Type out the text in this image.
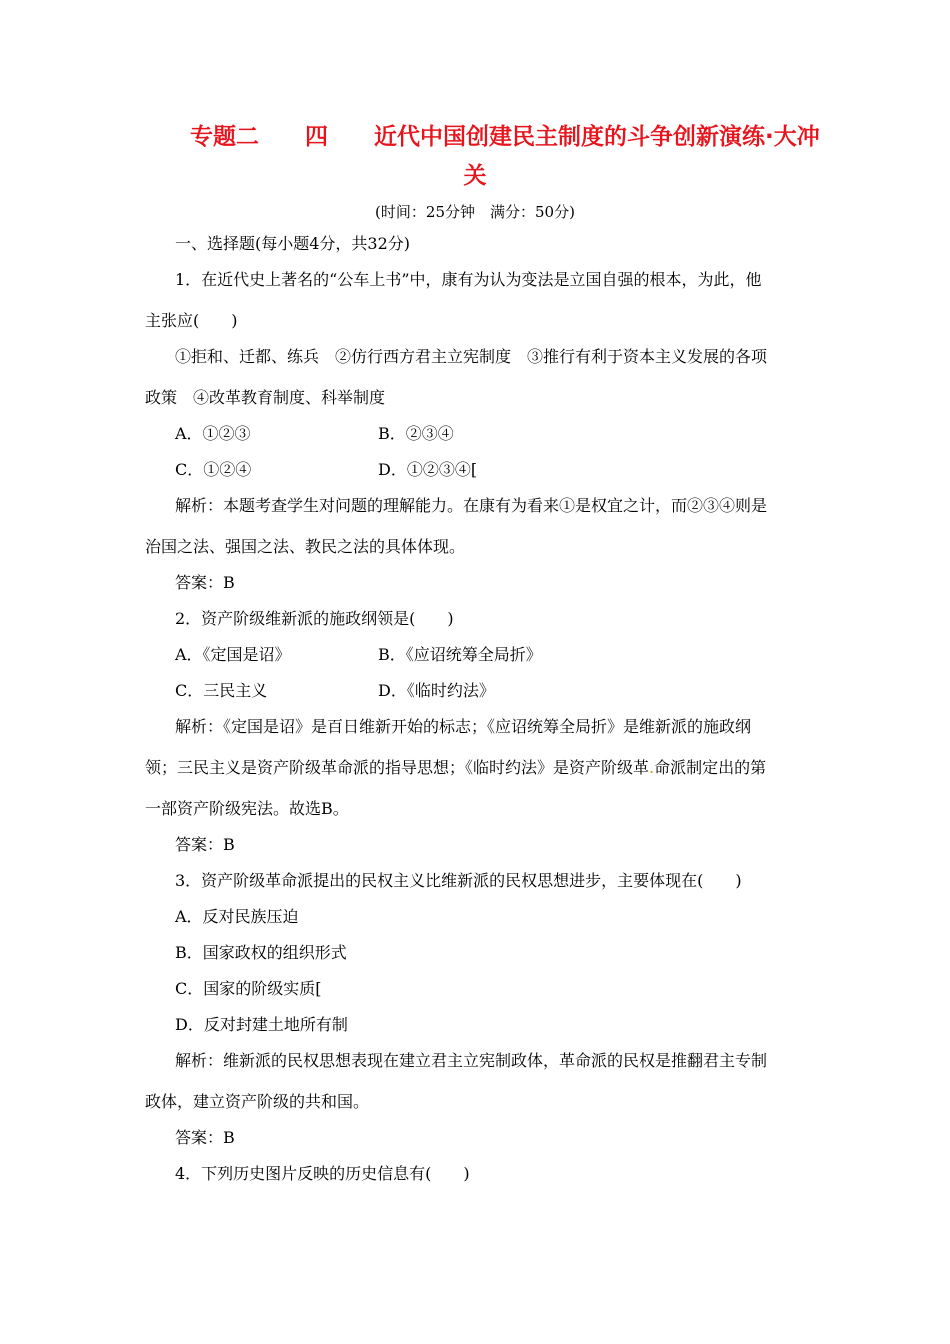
专题二　　四　　近代中国创建民主制度的斗争创新演练·大冲
关
(时间：25分钟　满分：50分)
一、选择题(每小题4分，共32分)
1．在近代史上著名的“公车上书”中，康有为认为变法是立国自强的根本，为此，他
主张应(　　)
①拒和、迁都、练兵　②仿行西方君主立宪制度　③推行有利于资本主义发展的各项
政策　④改革教育制度、科举制度
A．①②③	B．②③④
C．①②④	D．①②③④[
解析：本题考查学生对问题的理解能力。在康有为看来①是权宜之计，而②③④则是
治国之法、强国之法、教民之法的具体体现。
答案：B
2．资产阶级维新派的施政纲领是(　　)
A．《定国是诏》	B．《应诏统筹全局折》
C．三民主义	D．《临时约法》
解析：《定国是诏》是百日维新开始的标志；《应诏统筹全局折》是维新派的施政纲
领；三民主义是资产阶级革命派的指导思想；《临时约法》是资产阶级革.命派制定出的第
一部资产阶级宪法。故选B。
答案：B
3．资产阶级革命派提出的民权主义比维新派的民权思想进步，主要体现在(　　)
A．反对民族压迫
B．国家政权的组织形式
C．国家的阶级实质[
D．反对封建土地所有制
解析：维新派的民权思想表现在建立君主立宪制政体，革命派的民权是推翻君主专制
政体，建立资产阶级的共和国。
答案：B
4．下列历史图片反映的历史信息有(　　)
